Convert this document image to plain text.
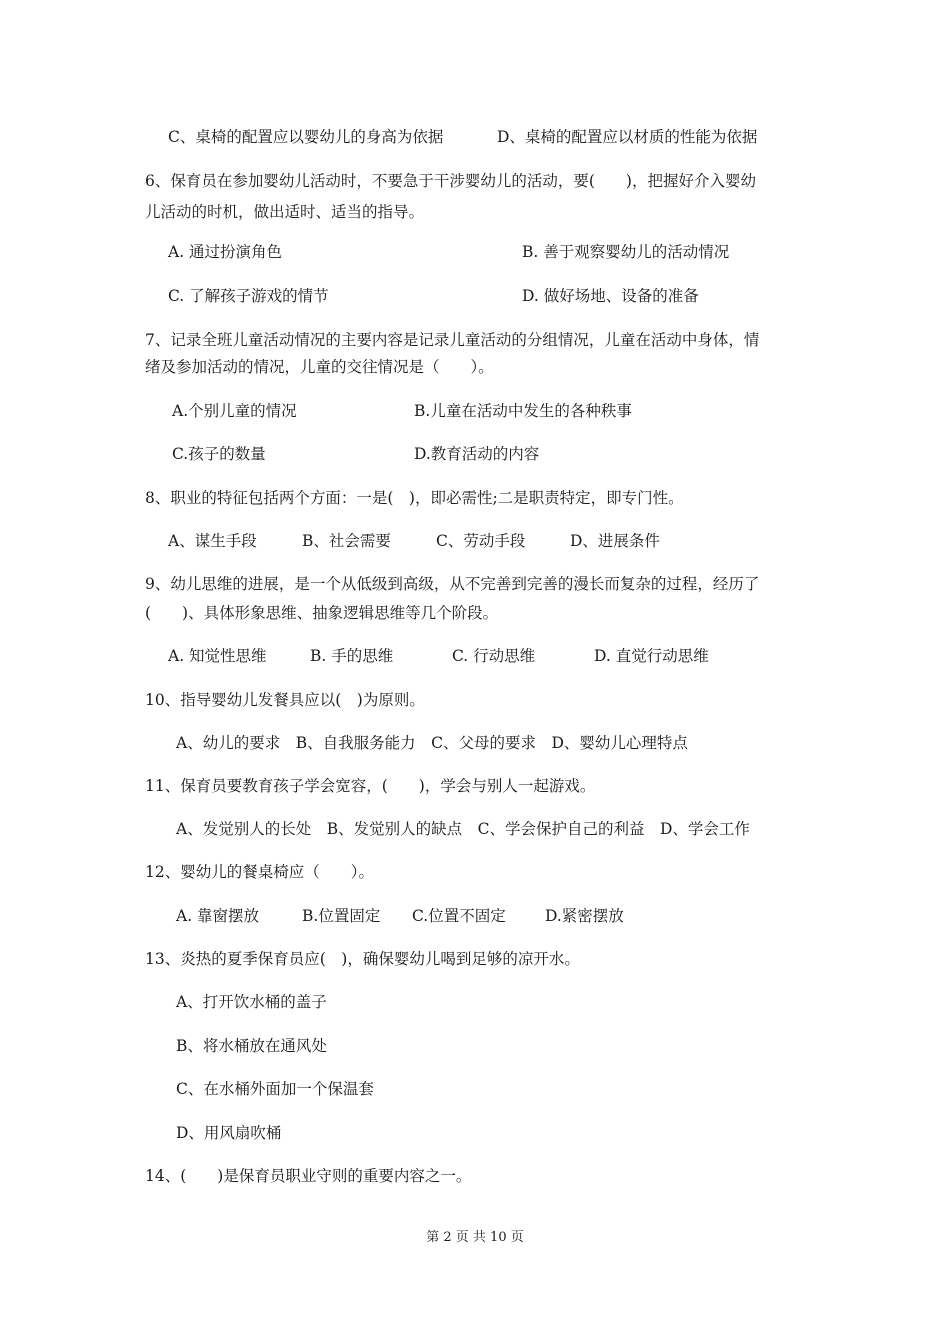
C、桌椅的配置应以婴幼儿的身高为依据	D、桌椅的配置应以材质的性能为依据
6、保育员在参加婴幼儿活动时，不要急于干涉婴幼儿的活动，要(　　)，把握好介入婴幼
儿活动的时机，做出适时、适当的指导。
A. 通过扮演角色	B. 善于观察婴幼儿的活动情况
C. 了解孩子游戏的情节	D. 做好场地、设备的准备
7、记录全班儿童活动情况的主要内容是记录儿童活动的分组情况，儿童在活动中身体，情
绪及参加活动的情况，儿童的交往情况是（　　）。
A.个别儿童的情况	B.儿童在活动中发生的各种秩事
C.孩子的数量	D.教育活动的内容
8、职业的特征包括两个方面：一是(　)，即必需性;二是职责特定，即专门性。
A、谋生手段	B、社会需要	C、劳动手段	D、进展条件
9、幼儿思维的进展，是一个从低级到高级，从不完善到完善的漫长而复杂的过程，经历了
(　　)、具体形象思维、抽象逻辑思维等几个阶段。
A. 知觉性思维	B. 手的思维	C. 行动思维	D. 直觉行动思维
10、指导婴幼儿发餐具应以(　)为原则。
A、幼儿的要求　B、自我服务能力　C、父母的要求　D、婴幼儿心理特点
11、保育员要教育孩子学会宽容，(　　)，学会与别人一起游戏。
A、发觉别人的长处　B、发觉别人的缺点　C、学会保护自己的利益　D、学会工作
12、婴幼儿的餐桌椅应（　　）。
A. 靠窗摆放	B.位置固定 C.位置不固定	D.紧密摆放
13、炎热的夏季保育员应(　)，确保婴幼儿喝到足够的凉开水。
A、打开饮水桶的盖子
B、将水桶放在通风处
C、在水桶外面加一个保温套
D、用风扇吹桶
14、(　　)是保育员职业守则的重要内容之一。
第 2 页 共 10 页
